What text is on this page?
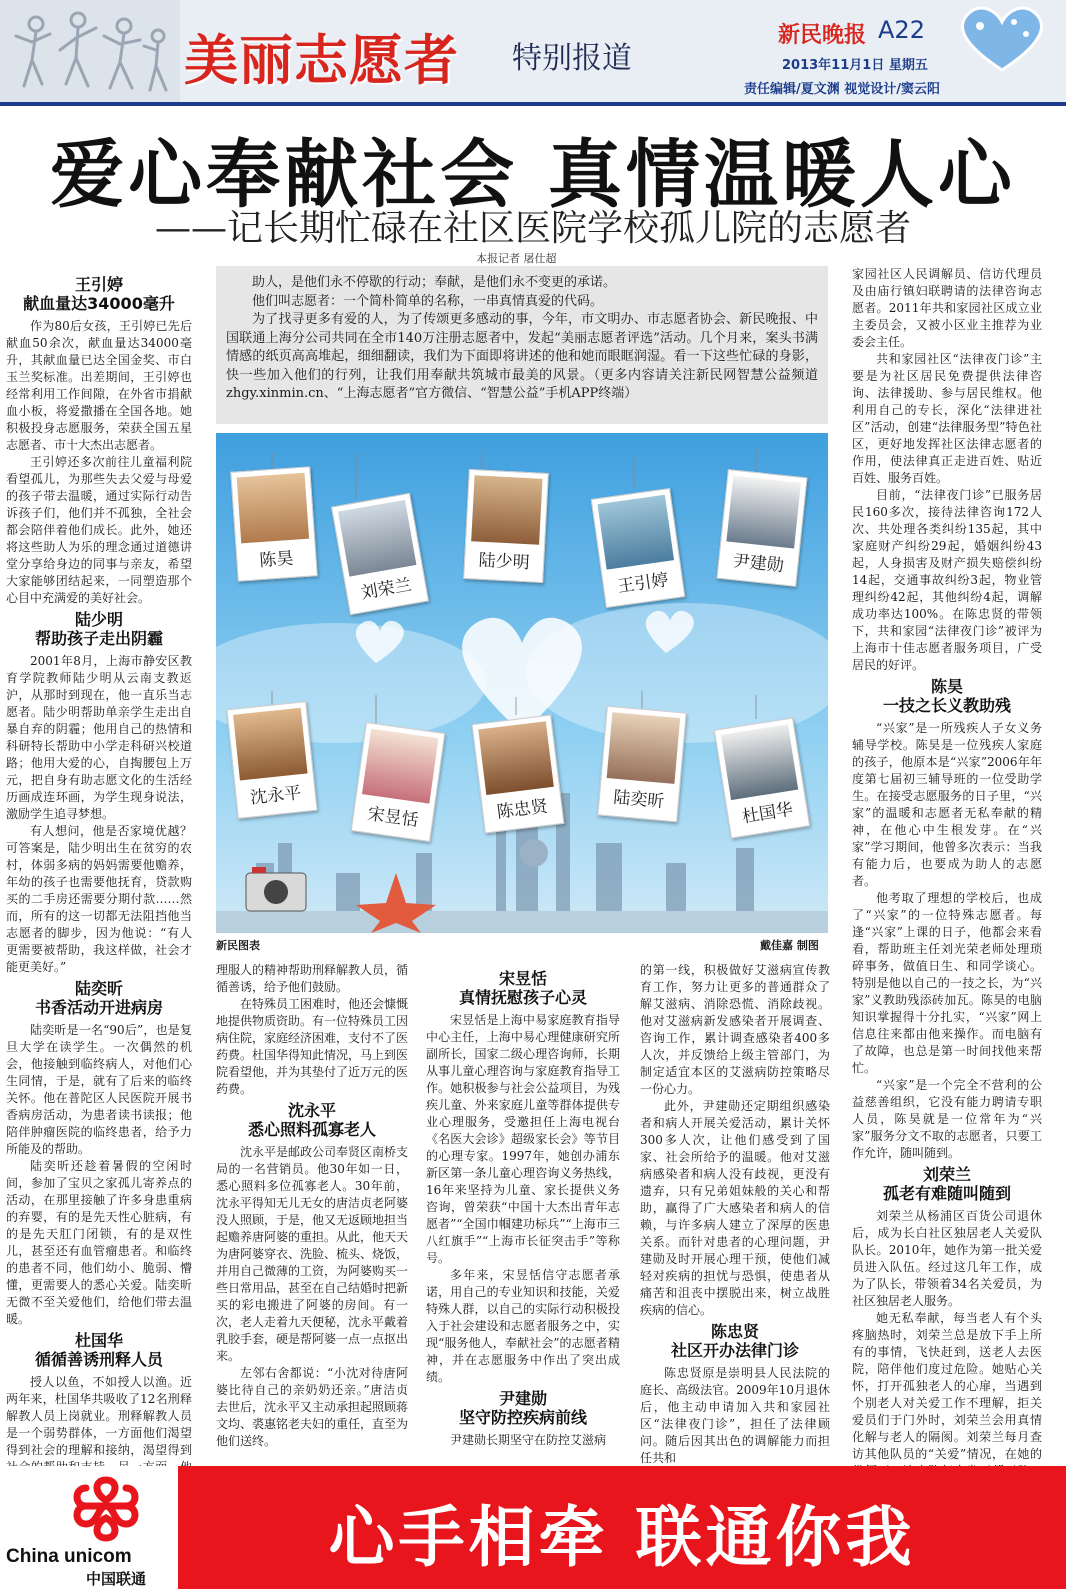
美丽志愿者 特别报道
新民晚报 A22
2013年11月1日 星期五
责任编辑/夏文渊 视觉设计/窦云阳
爱心奉献社会 真情温暖人心
——记长期忙碌在社区医院学校孤儿院的志愿者
本报记者 屠仕超
王引婷
献血量达34000毫升

作为80后女孩，王引婷已先后献血50余次，献血量达34000毫升，其献血量已达全国金奖、市白玉兰奖标准。出差期间，王引婷也经常利用工作间隙，在外省市捐献血小板，将爱撒播在全国各地。她积极投身志愿服务，荣获全国五星志愿者、市十大杰出志愿者。

王引婷还多次前往儿童福利院看望孤儿，为那些失去父爱与母爱的孩子带去温暖，通过实际行动告诉孩子们，他们并不孤独，全社会都会陪伴着他们成长。此外，她还将这些助人为乐的理念通过道德讲堂分享给身边的同事与亲友，希望大家能够团结起来，一同塑造那个心目中充满爱的美好社会。

陆少明
帮助孩子走出阴霾

2001年8月，上海市静安区教育学院教师陆少明从云南支教返沪，从那时到现在，他一直乐当志愿者。陆少明帮助单亲学生走出自暴自弃的阴霾；他用自己的热情和科研特长帮助中小学走科研兴校道路；他用大爱的心，自掏腰包上万元，把自身有助志愿文化的生活经历画成连环画，为学生现身说法，激励学生追寻梦想。

有人想问，他是否家境优越？可答案是，陆少明出生在贫穷的农村，体弱多病的妈妈需要他赡养，年幼的孩子也需要他抚育，贷款购买的二手房还需要分期付款……然而，所有的这一切都无法阻挡他当志愿者的脚步，因为他说：“有人更需要被帮助，我这样做，社会才能更美好。”

陆奕昕
书香活动开进病房

陆奕昕是一名“90后”，也是复旦大学在读学生。一次偶然的机会，他接触到临终病人，对他们心生同情，于是，就有了后来的临终关怀。他在普陀区人民医院开展书香病房活动，为患者读书读报；他陪伴肿瘤医院的临终患者，给予力所能及的帮助。

陆奕昕还趁着暑假的空闲时间，参加了宝贝之家孤儿寄养点的活动，在那里接触了许多身患重病的弃婴，有的是先天性心脏病，有的是先天肛门闭锁，有的是双性儿，甚至还有血管瘤患者。和临终的患者不同，他们幼小、脆弱、懵懂，更需要人的悉心关爱。陆奕昕无微不至关爱他们，给他们带去温暖。

杜国华
循循善诱刑释人员

授人以鱼，不如授人以渔。近两年来，杜国华共吸收了12名刑释解教人员上岗就业。刑释解教人员是一个弱势群体，一方面他们渴望得到社会的理解和接纳，渴望得到

助人，是他们永不停歇的行动；奉献，是他们永不变更的承诺。

他们叫志愿者：一个简朴简单的名称，一串真情真爱的代码。

为了找寻更多有爱的人，为了传颂更多感动的事，今年，市文明办、市志愿者协会、新民晚报、中国联通上海分公司共同在全市140万注册志愿者中，发起“美丽志愿者评选”活动。几个月来，案头书满情感的纸页高高堆起，细细翻读，我们为下面即将讲述的他和她而眼眶润湿。看一下这些忙碌的身影，快一些加入他们的行列，让我们用奉献共筑城市最美的风景。（更多内容请关注新民网智慧公益频道 zhgy.xinmin.cn、“上海志愿者”官方微信、“智慧公益”手机APP终端）

陈昊
刘荣兰
陆少明
王引婷
尹建勋
沈永平
宋昱恬	陈忠贤	陆奕昕	杜国华
新民图表	戴佳嘉 制图

理服人的精神帮助刑释解教人员，循循善诱，给予他们鼓励。

在特殊员工困难时，他还会慷慨地提供物质资助。有一位特殊员工因病住院，家庭经济困难，支付不了医药费。杜国华得知此情况，马上到医院看望他，并为其垫付了近万元的医药费。

沈永平
悉心照料孤寡老人

沈永平是邮政公司奉贤区南桥支局的一名营销员。他30年如一日，悉心照料多位孤寡老人。30年前，沈永平得知无儿无女的唐洁贞老阿婆没人照顾，于是，他又无返顾地担当起赡养唐阿婆的重担。从此，他天天为唐阿婆穿衣、洗脸、梳头、烧饭，并用自己微薄的工资，为阿婆购买一些日常用品，甚至在自己结婚时把新买的彩电搬进了阿婆的房间。有一次，老人走着九天便秘，沈永平戴着乳胶手套，硬是帮阿婆一点一点抠出来。

左邻右舍都说：“小沈对待唐阿婆比待自己的亲奶奶还亲。”唐洁贞去世后，沈永平又主动承担起照顾蒋文均、裘惠铭老夫妇的重任，直至为他们送终。

宋昱恬
真情抚慰孩子心灵

宋昱恬是上海中易家庭教育指导中心主任，上海中易心理健康研究所副所长，国家二级心理咨询师，长期从事儿童心理咨询与家庭教育指导工作。她积极参与社会公益项目，为残疾儿童、外来家庭儿童等群体提供专业心理服务，受邀担任上海电视台《名医大会诊》超级家长会》等节目的心理专家。1997年，她创办浦东新区第一条儿童心理咨询义务热线，16年来坚持为儿童、家长提供义务咨询，曾荣获“中国十大杰出青年志愿者”“全国巾帼建功标兵”“上海市三八红旗手”“上海市长征突击手”等称号。

多年来，宋昱恬信守志愿者承诺，用自己的专业知识和技能，关爱特殊人群，以自己的实际行动积极投入于社会建设和志愿者服务之中，实现“服务他人，奉献社会”的志愿者精神，并在志愿服务中作出了突出成绩。

尹建勋
坚守防控疾病前线

尹建勋长期坚守在防控艾滋病

的第一线，积极做好艾滋病宣传教育工作，努力让更多的普通群众了解艾滋病、消除恐慌、消除歧视。他对艾滋病新发感染者开展调查、咨询工作，累计调查感染者400多人次，并反馈给上级主管部门，为制定适宜本区的艾滋病防控策略尽一份心力。

此外，尹建勋还定期组织感染者和病人开展关爱活动，累计关怀300多人次，让他们感受到了国家、社会所给予的温暖。他对艾滋病感染者和病人没有歧视，更没有遗弃，只有兄弟姐妹般的关心和帮助，赢得了广大感染者和病人的信赖，与许多病人建立了深厚的医患关系。而针对患者的心理问题，尹建勋及时开展心理干预，使他们减轻对疾病的担忧与恐惧，使患者从痛苦和沮丧中摆脱出来，树立战胜疾病的信心。

陈忠贤
社区开办法律门诊

陈忠贤原是崇明县人民法院的庭长、高级法官。2009年10月退休后，他主动申请加入共和家园社区“法律夜门诊”，担任了法律顾问。随后因其出色的调解能力而担任共和

家园社区人民调解员、信访代理员及由庙行镇妇联聘请的法律咨询志愿者。2011年共和家园社区成立业主委员会，又被小区业主推荐为业委会主任。

共和家园社区“法律夜门诊”主要是为社区居民免费提供法律咨询、法律援助、参与居民维权。他利用自己的专长，深化“法律进社区”活动，创建“法律服务型”特色社区，更好地发挥社区法律志愿者的作用，使法律真正走进百姓、贴近百姓、服务百姓。

目前，“法律夜门诊”已服务居民160多次，接待法律咨询172人次、共处理各类纠纷135起，其中家庭财产纠纷29起，婚姻纠纷43起，人身损害及财产损失赔偿纠纷14起，交通事故纠纷3起，物业管理纠纷42起，其他纠纷4起，调解成功率达100%。在陈忠贤的带领下，共和家园“法律夜门诊”被评为上海市十佳志愿者服务项目，广受居民的好评。

陈昊
一技之长义教助残

“兴家”是一所残疾人子女义务辅导学校。陈昊是一位残疾人家庭的孩子，他原本是“兴家”2006年年度第七届初三辅导班的一位受助学生。在接受志愿服务的日子里，“兴家”的温暖和志愿者无私奉献的精神，在他心中生根发芽。在“兴家”学习期间，他曾多次表示：当我有能力后，也要成为助人的志愿者。

他考取了理想的学校后，也成了“兴家”的一位特殊志愿者。每逢“兴家”上课的日子，他都会来看看，帮助班主任刘光荣老师处理琐碎事务，做值日生、和同学谈心。特别是他以自己的一技之长，为“兴家”义教助残添砖加瓦。陈昊的电脑知识掌握得十分扎实，“兴家”网上信息往来都由他来操作。而电脑有了故障，也总是第一时间找他来帮忙。

“兴家”是一个完全不营利的公益慈善组织，它没有能力聘请专职人员，陈昊就是一位常年为“兴家”服务分文不取的志愿者，只要工作允许，随叫随到。

刘荣兰
孤老有难随叫随到

刘荣兰从杨浦区百货公司退休后，成为长白社区独居老人关爱队队长。2010年，她作为第一批关爱员进入队伍。经过这几年工作，成为了队长，带领着34名关爱员，为社区独居老人服务。

她无私奉献，每当老人有个头疼脑热时，刘荣兰总是放下手上所有的事情，飞快赶到，送老人去医院，陪伴他们度过危险。她贴心关怀，打开孤独老人的心扉，当遇到个别老人对关爱工作不理解，拒关爱员们于门外时，刘荣兰会用真情化解与老人的隔阂。刘荣兰每月查访其他队员的“关爱”情况，在她的

China unicom
中国联通
心手相牵 联通你我
